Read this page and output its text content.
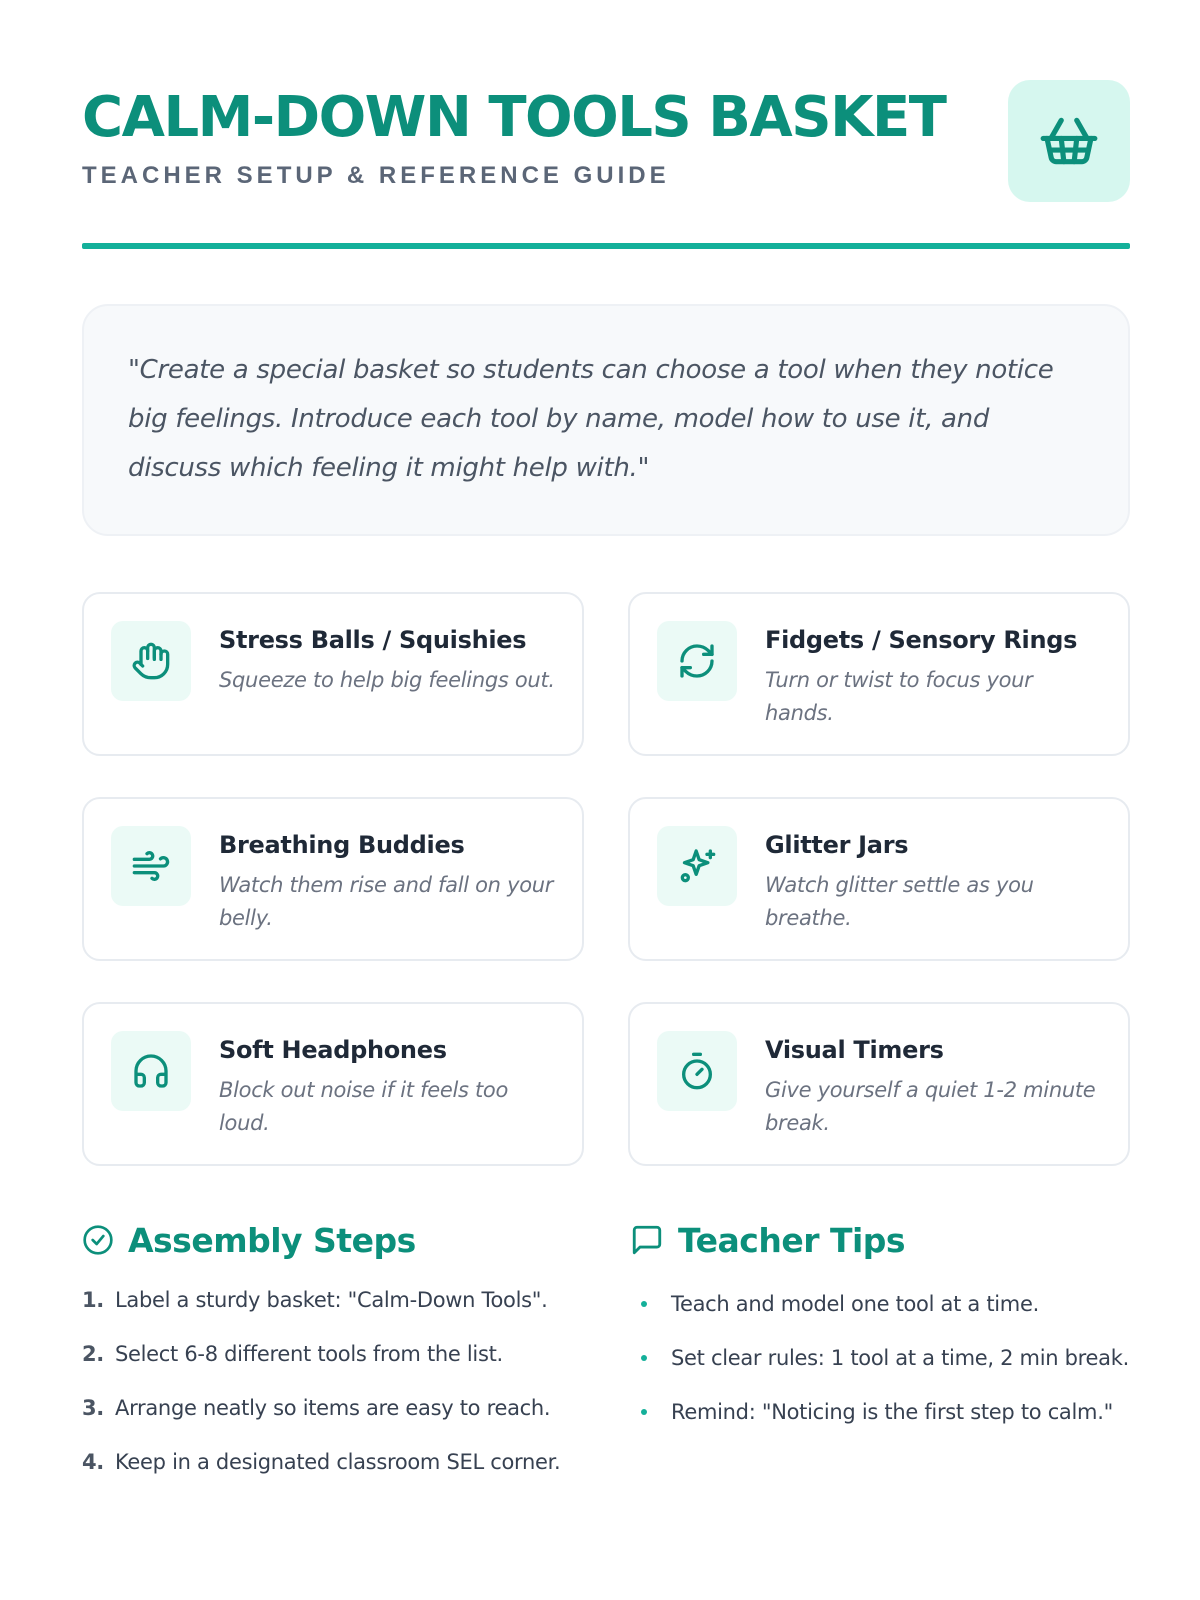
CALM-DOWN TOOLS BASKET
TEACHER SETUP & REFERENCE GUIDE

"Create a special basket so students can choose a tool when they notice big feelings. Introduce each tool by name, model how to use it, and discuss which feeling it might help with."

Stress Balls / Squishies
Squeeze to help big feelings out.
Fidgets / Sensory Rings
Turn or twist to focus your hands.
Breathing Buddies
Watch them rise and fall on your belly.
Glitter Jars
Watch glitter settle as you breathe.
Soft Headphones
Block out noise if it feels too loud.
Visual Timers
Give yourself a quiet 1-2 minute break.
Assembly Steps
1. Label a sturdy basket: "Calm-Down Tools".
2. Select 6-8 different tools from the list.
3. Arrange neatly so items are easy to reach.
4. Keep in a designated classroom SEL corner.
Teacher Tips
Teach and model one tool at a time.
Set clear rules: 1 tool at a time, 2 min break.
Remind: "Noticing is the first step to calm."
